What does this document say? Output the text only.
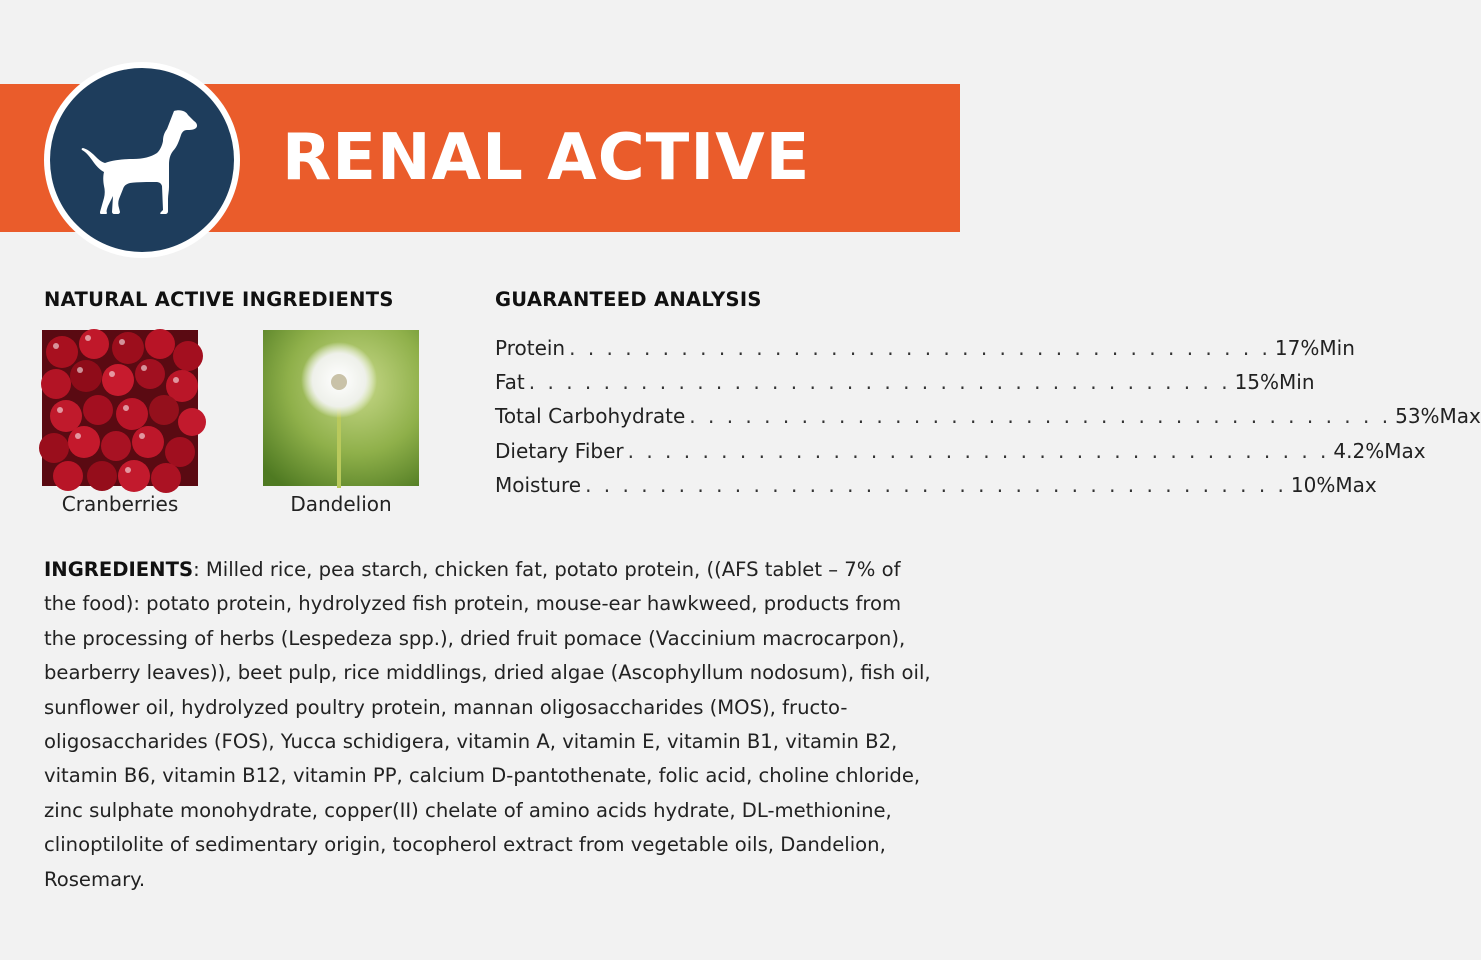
RENAL ACTIVE
NATURAL ACTIVE INGREDIENTS
Cranberries	Dandelion
GUARANTEED ANALYSIS
Protein . . . . . . . . . . . . . . . . . . . . . . . . . . . . . . . . . . . . . . 17% Min
Fat . . . . . . . . . . . . . . . . . . . . . . . . . . . . . . . . . . . . . . 15% Min
Total Carbohydrate . . . . . . . . . . . . . . . . . . . . . . . . . . . . . . . . . . . . . . 53% Max
Dietary Fiber . . . . . . . . . . . . . . . . . . . . . . . . . . . . . . . . . . . . . . 4.2% Max
Moisture . . . . . . . . . . . . . . . . . . . . . . . . . . . . . . . . . . . . . . 10% Max
INGREDIENTS: Milled rice, pea starch, chicken fat, potato protein, ((AFS tablet – 7% of the food): potato protein, hydrolyzed fish protein, mouse-ear hawkweed, products from the processing of herbs (Lespedeza spp.), dried fruit pomace (Vaccinium macrocarpon), bearberry leaves)), beet pulp, rice middlings, dried algae (Ascophyllum nodosum), fish oil, sunflower oil, hydrolyzed poultry protein, mannan oligosaccharides (MOS), fructo-oligosaccharides (FOS), Yucca schidigera, vitamin A, vitamin E, vitamin B1, vitamin B2, vitamin B6, vitamin B12, vitamin PP, calcium D-pantothenate, folic acid, choline chloride, zinc sulphate monohydrate, copper(II) chelate of amino acids hydrate, DL-methionine, clinoptilolite of sedimentary origin, tocopherol extract from vegetable oils, Dandelion, Rosemary.
